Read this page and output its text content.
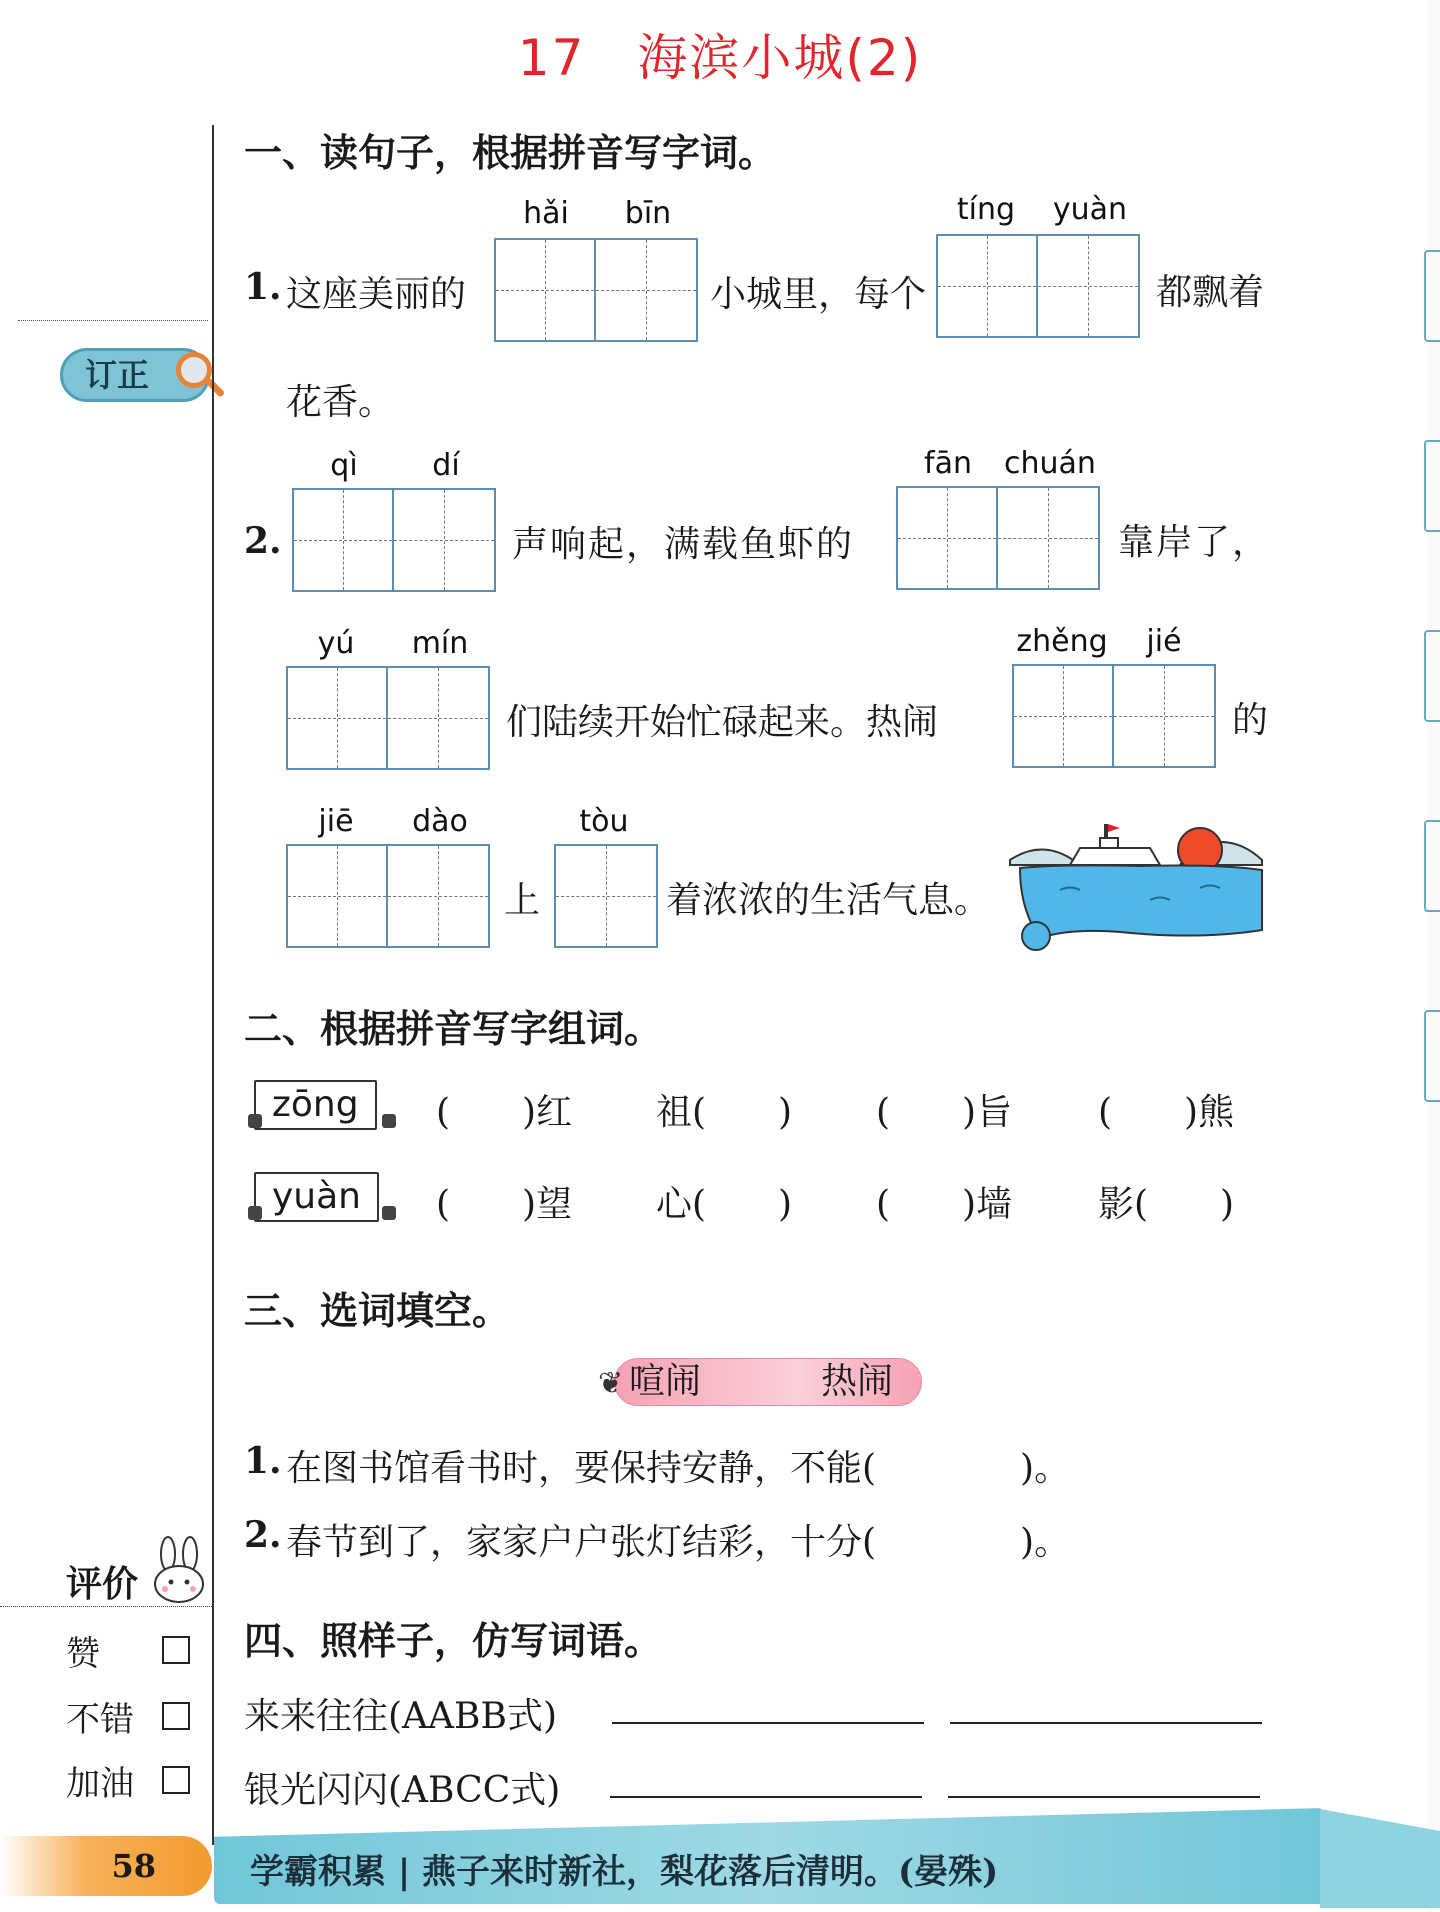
17　海滨小城(2)
订正
一、读句子，根据拼音写字词。
hǎi	bīn	tíng	yuàn
1. 这座美丽的	小城里，每个	都飘着
花香。
qì	dí	fān	chuán
2.	声响起，满载鱼虾的	靠岸了，
yú	mín	zhěng	jié
们陆续开始忙碌起来。热闹	的
jiē	dào	tòu
上	着浓浓的生活气息。
二、根据拼音写字组词。
zōng	(　　)红 祖(　　) (　　)旨 (　　)熊
yuàn	(　　)望 心(　　) (　　)墙 影(　　)
三、选词填空。
喧闹	热闹
❦
1. 在图书馆看书时，要保持安静，不能(　　　　)。
2. 春节到了，家家户户张灯结彩，十分(　　　　)。
四、照样子，仿写词语。
来来往往(AABB式)
银光闪闪(ABCC式)
评价
赞
不错
加油
58	学霸积累 | 燕子来时新社，梨花落后清明。(晏殊)
